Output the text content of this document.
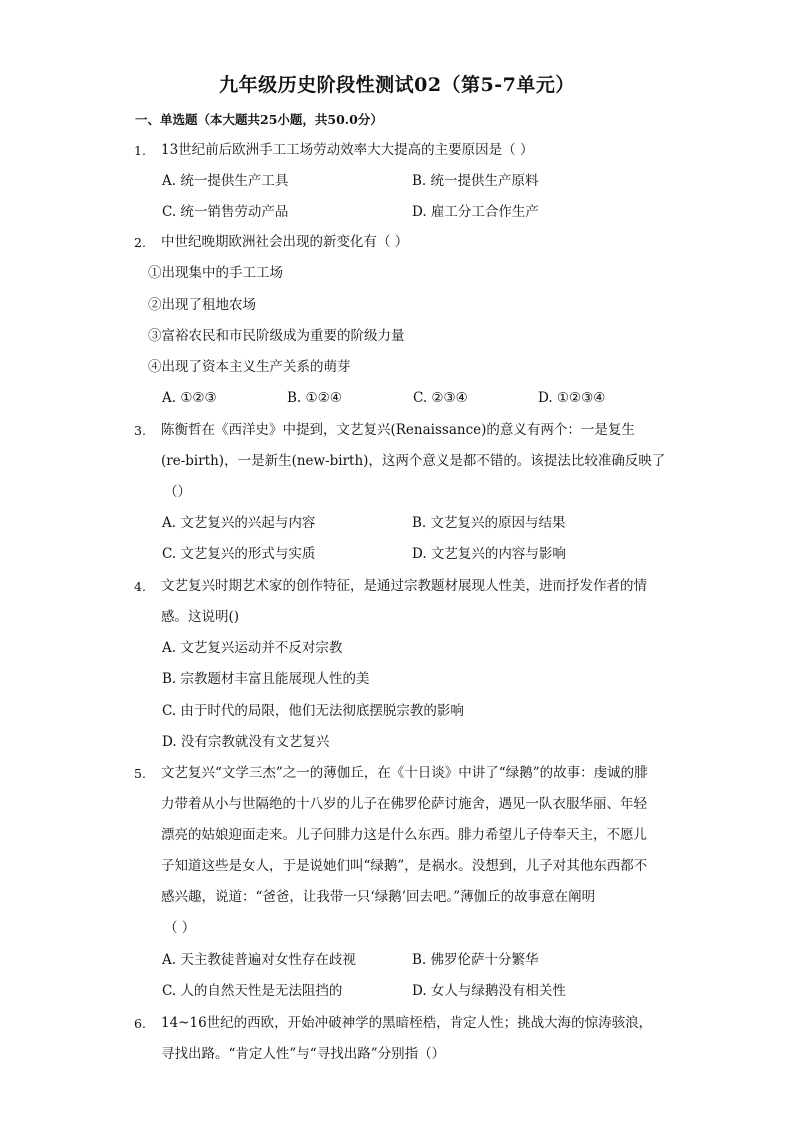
九年级历史阶段性测试02（第5-7单元）
一、单选题（本大题共25小题，共50.0分）
1. 13世纪前后欧洲手工工场劳动效率大大提高的主要原因是（ ）
A. 统一提供生产工具	B. 统一提供生产原料
C. 统一销售劳动产品	D. 雇工分工合作生产
2. 中世纪晚期欧洲社会出现的新变化有（ ）
①出现集中的手工工场
②出现了租地农场
③富裕农民和市民阶级成为重要的阶级力量
④出现了资本主义生产关系的萌芽
A. ①②③	B. ①②④	C. ②③④	D. ①②③④
3. 陈衡哲在《西洋史》中提到，文艺复兴(Renaissance)的意义有两个：一是复生
(re-birth)，一是新生(new-birth)，这两个意义是都不错的。该提法比较准确反映了
（）
A. 文艺复兴的兴起与内容	B. 文艺复兴的原因与结果
C. 文艺复兴的形式与实质	D. 文艺复兴的内容与影响
4. 文艺复兴时期艺术家的创作特征，是通过宗教题材展现人性美，进而抒发作者的情
感。这说明()
A. 文艺复兴运动并不反对宗教
B. 宗教题材丰富且能展现人性的美
C. 由于时代的局限，他们无法彻底摆脱宗教的影响
D. 没有宗教就没有文艺复兴
5. 文艺复兴“文学三杰”之一的薄伽丘，在《十日谈》中讲了“绿鹅”的故事：虔诚的腓
力带着从小与世隔绝的十八岁的儿子在佛罗伦萨讨施舍，遇见一队衣服华丽、年轻
漂亮的姑娘迎面走来。儿子问腓力这是什么东西。腓力希望儿子侍奉天主，不愿儿
子知道这些是女人，于是说她们叫“绿鹅”，是祸水。没想到，儿子对其他东西都不
感兴趣，说道：“爸爸，让我带一只‘绿鹅’回去吧。”薄伽丘的故事意在阐明
（ ）
A. 天主教徒普遍对女性存在歧视	B. 佛罗伦萨十分繁华
C. 人的自然天性是无法阻挡的	D. 女人与绿鹅没有相关性
6. 14~16世纪的西欧，开始冲破神学的黑暗桎梏，肯定人性；挑战大海的惊涛骇浪，
寻找出路。“肯定人性”与“寻找出路”分别指（）
